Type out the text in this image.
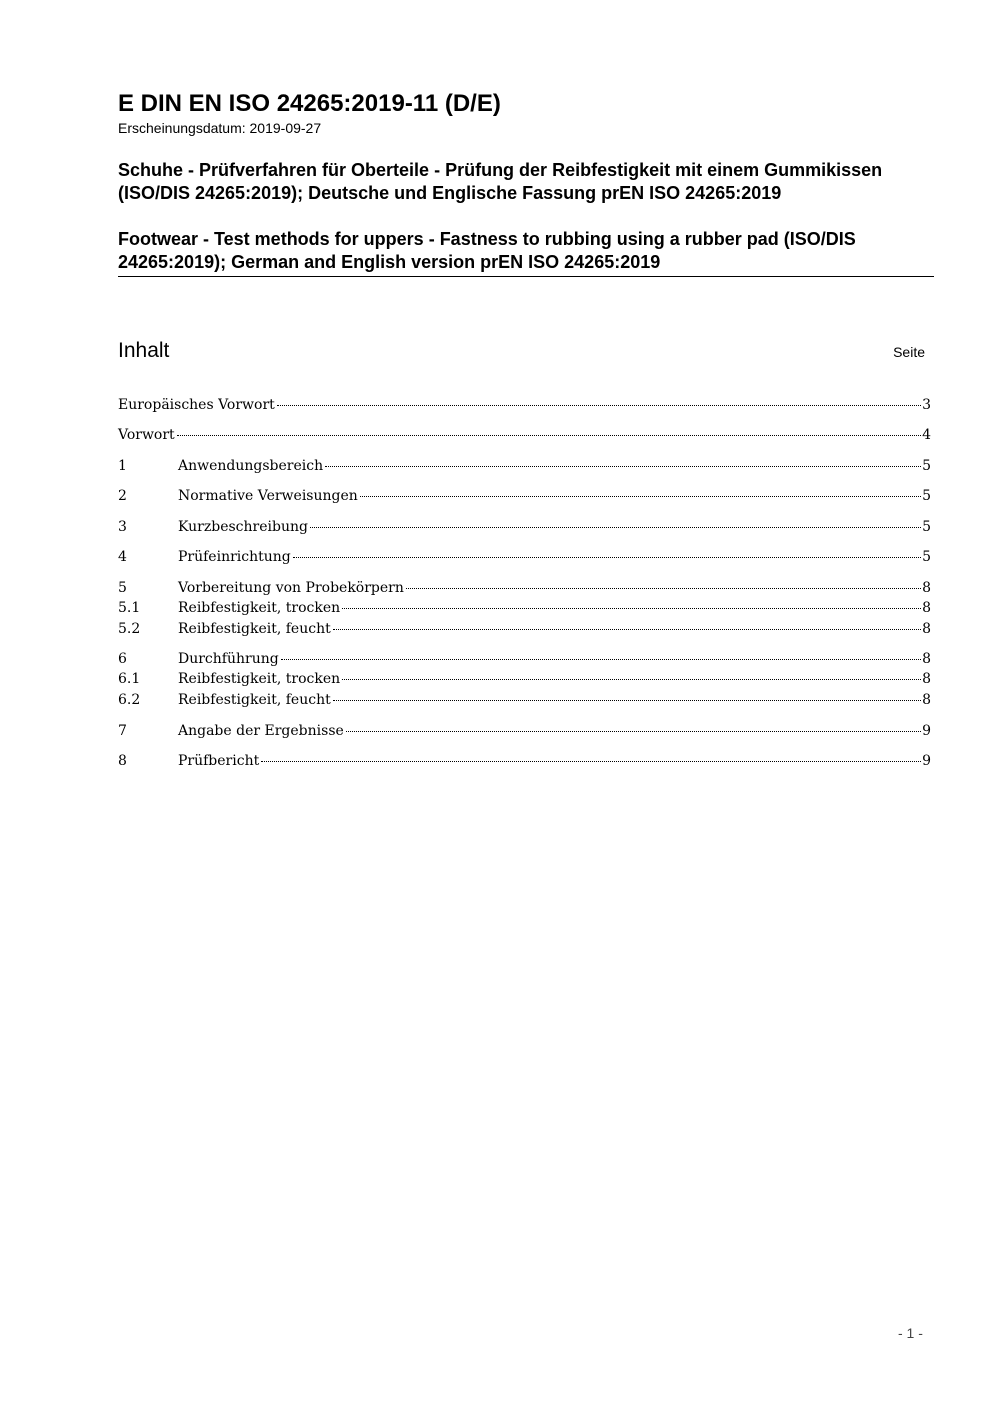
E DIN EN ISO 24265:2019-11 (D/E)
Erscheinungsdatum: 2019-09-27
Schuhe - Prüfverfahren für Oberteile - Prüfung der Reibfestigkeit mit einem Gummikissen (ISO/DIS 24265:2019); Deutsche und Englische Fassung prEN ISO 24265:2019
Footwear - Test methods for uppers - Fastness to rubbing using a rubber pad (ISO/DIS 24265:2019); German and English version prEN ISO 24265:2019
Inhalt	Seite
Europäisches Vorwort	3
Vorwort	4
1	Anwendungsbereich	5
2	Normative Verweisungen	5
3	Kurzbeschreibung	5
4	Prüfeinrichtung	5
5	Vorbereitung von Probekörpern	8
5.1	Reibfestigkeit, trocken	8
5.2	Reibfestigkeit, feucht	8
6	Durchführung	8
6.1	Reibfestigkeit, trocken	8
6.2	Reibfestigkeit, feucht	8
7	Angabe der Ergebnisse	9
8	Prüfbericht	9
- 1 -
